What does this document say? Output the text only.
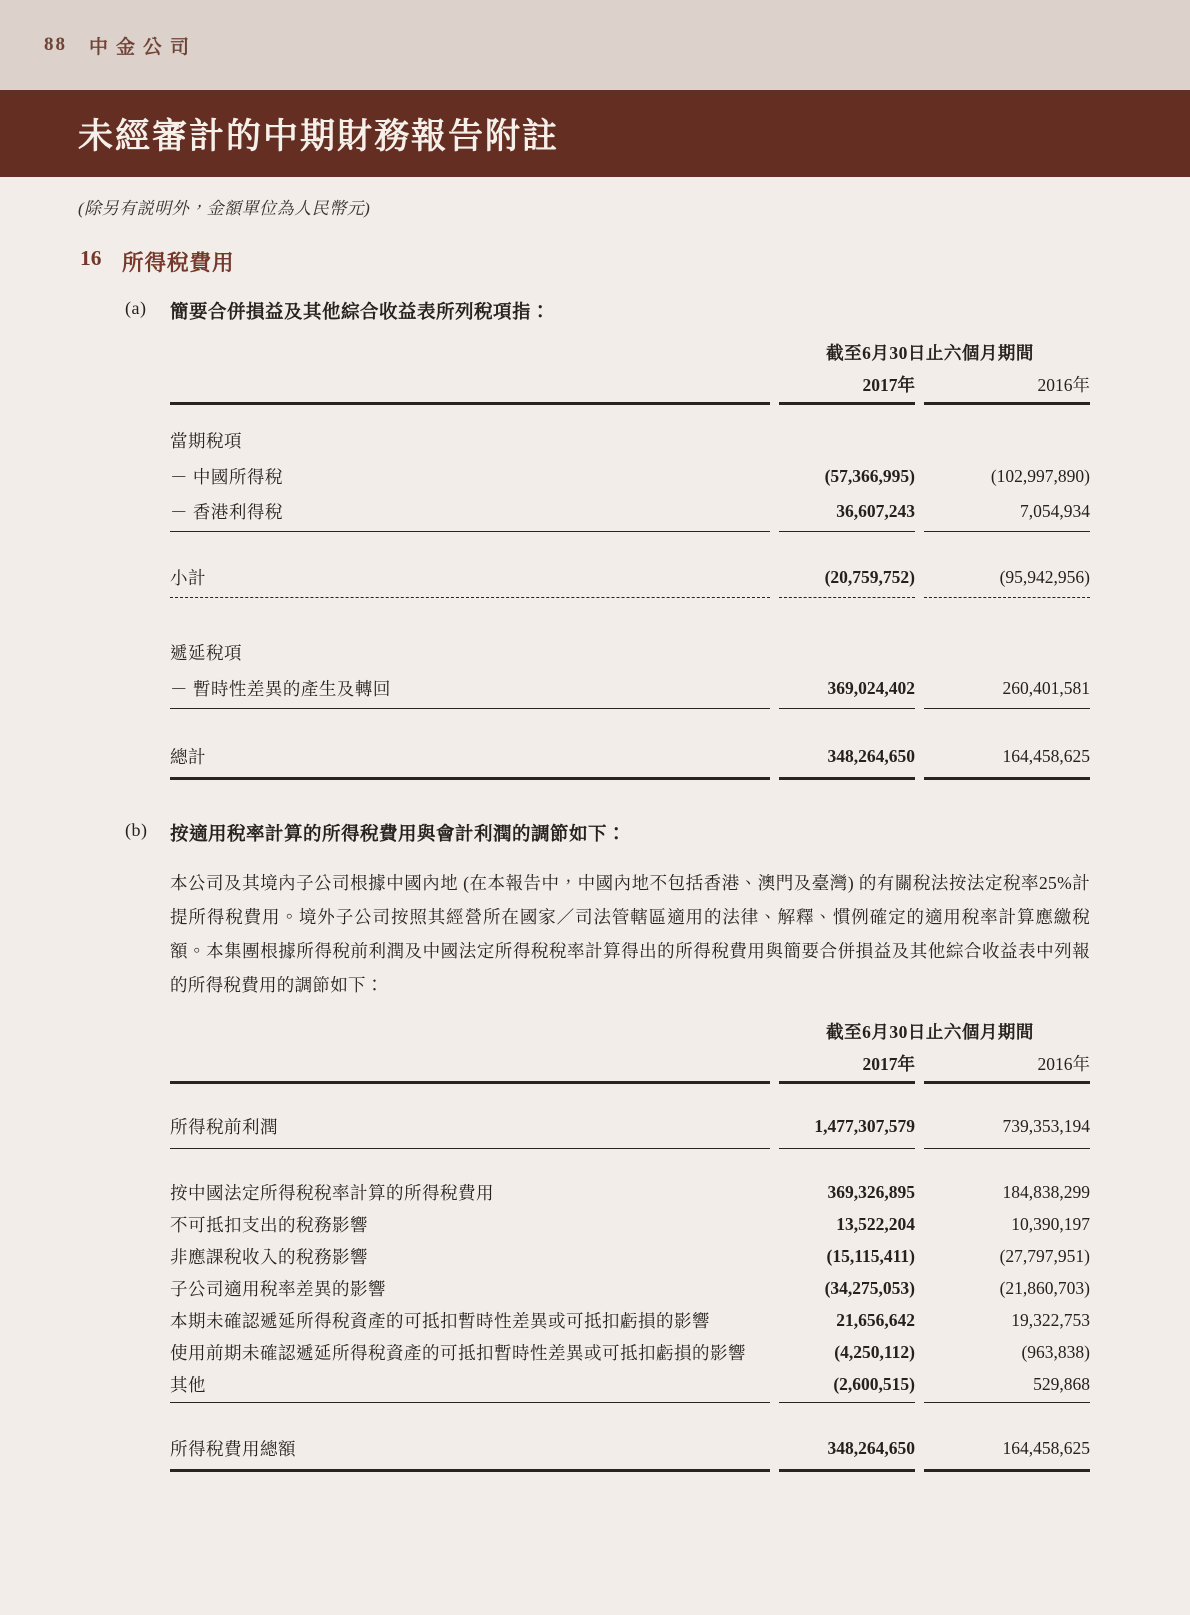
88 中金公司
未經審計的中期財務報告附註
(除另有説明外，金額單位為人民幣元)
16 所得稅費用
(a)	簡要合併損益及其他綜合收益表所列稅項指：
	截至6月30日止六個月期間	
	2017年	2016年

當期稅項		
－ 中國所得稅	(57,366,995)	(102,997,890)
－ 香港利得稅	36,607,243	7,054,934

小計	(20,759,752)	(95,942,956)

遞延稅項		
－ 暫時性差異的產生及轉回	369,024,402	260,401,581

總計	348,264,650	164,458,625

(b)	按適用稅率計算的所得稅費用與會計利潤的調節如下：

本公司及其境內子公司根據中國內地 (在本報告中，中國內地不包括香港、澳門及臺灣) 的有關稅法按法定稅率25%計提所得稅費用。境外子公司按照其經營所在國家／司法管轄區適用的法律、解釋、慣例確定的適用稅率計算應繳稅額。本集團根據所得稅前利潤及中國法定所得稅稅率計算得出的所得稅費用與簡要合併損益及其他綜合收益表中列報的所得稅費用的調節如下：

	截至6月30日止六個月期間	
	2017年	2016年

所得稅前利潤	1,477,307,579	739,353,194

按中國法定所得稅稅率計算的所得稅費用	369,326,895	184,838,299
不可抵扣支出的稅務影響	13,522,204	10,390,197
非應課稅收入的稅務影響	(15,115,411)	(27,797,951)
子公司適用稅率差異的影響	(34,275,053)	(21,860,703)
本期未確認遞延所得稅資產的可抵扣暫時性差異或可抵扣虧損的影響	21,656,642	19,322,753
使用前期未確認遞延所得稅資產的可抵扣暫時性差異或可抵扣虧損的影響	(4,250,112)	(963,838)
其他	(2,600,515)	529,868

所得稅費用總額	348,264,650	164,458,625
